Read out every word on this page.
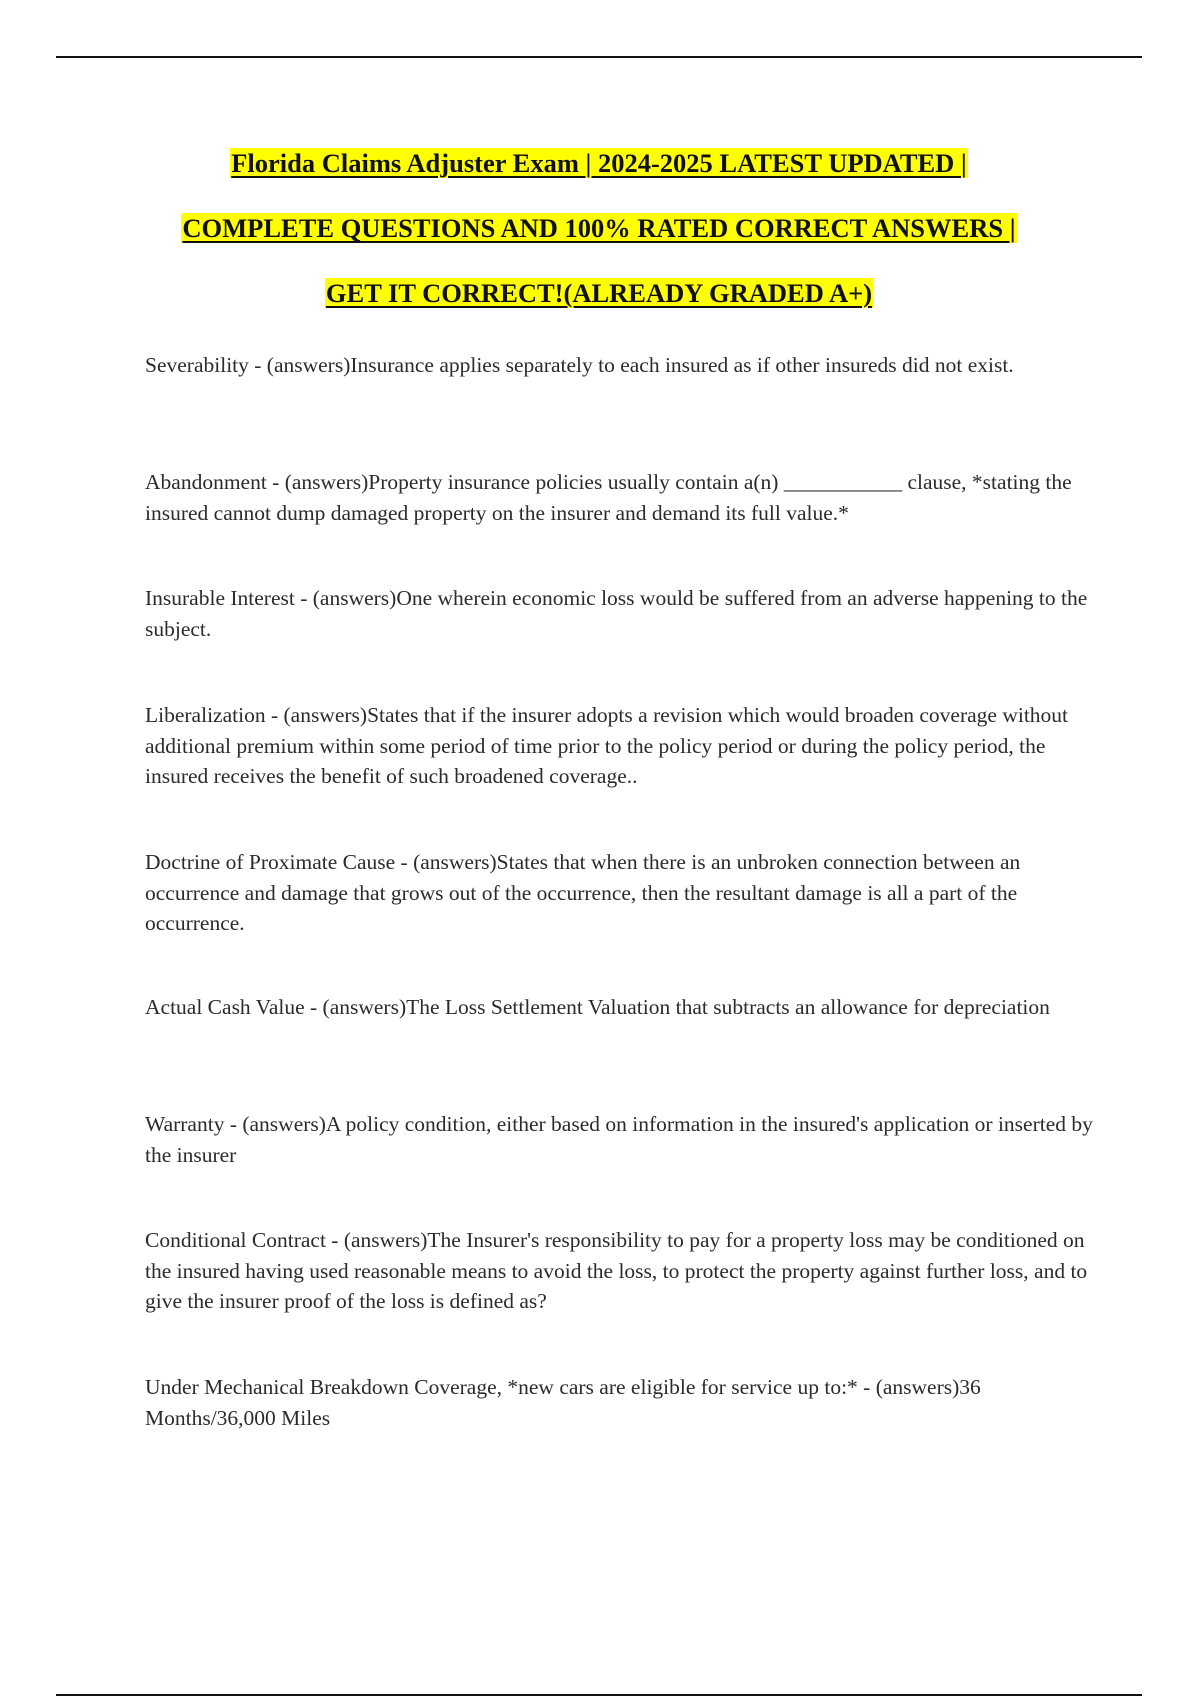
Florida Claims Adjuster Exam | 2024-2025 LATEST UPDATED |

COMPLETE QUESTIONS AND 100% RATED CORRECT ANSWERS |

GET IT CORRECT!(ALREADY GRADED A+)

Severability - (answers)Insurance applies separately to each insured as if other insureds did not exist.

Abandonment - (answers)Property insurance policies usually contain a(n) ___________ clause, *stating the insured cannot dump damaged property on the insurer and demand its full value.*

Insurable Interest - (answers)One wherein economic loss would be suffered from an adverse happening to the subject.

Liberalization - (answers)States that if the insurer adopts a revision which would broaden coverage without additional premium within some period of time prior to the policy period or during the policy period, the insured receives the benefit of such broadened coverage..

Doctrine of Proximate Cause - (answers)States that when there is an unbroken connection between an occurrence and damage that grows out of the occurrence, then the resultant damage is all a part of the occurrence.

Actual Cash Value - (answers)The Loss Settlement Valuation that subtracts an allowance for depreciation

Warranty - (answers)A policy condition, either based on information in the insured's application or inserted by the insurer

Conditional Contract - (answers)The Insurer's responsibility to pay for a property loss may be conditioned on the insured having used reasonable means to avoid the loss, to protect the property against further loss, and to give the insurer proof of the loss is defined as?

Under Mechanical Breakdown Coverage, *new cars are eligible for service up to:* - (answers)36 Months/36,000 Miles
